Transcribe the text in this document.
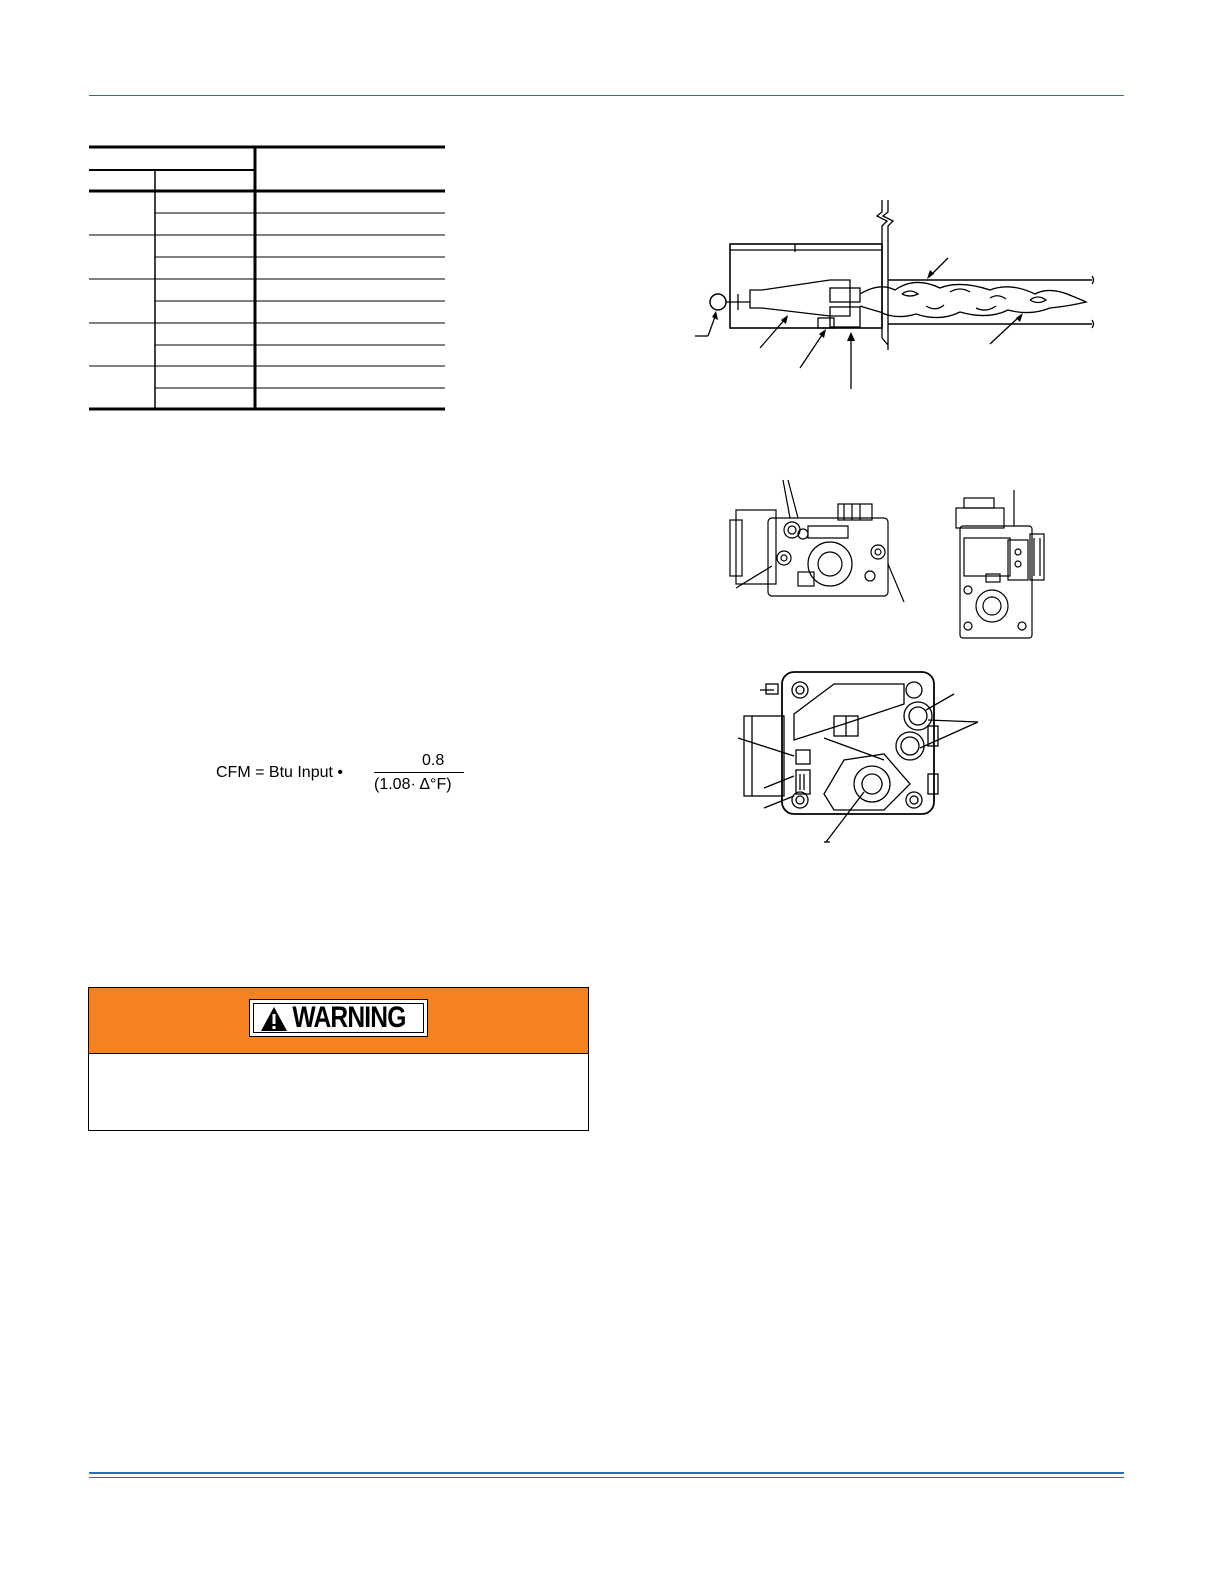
CFM = Btu Input •
0.8
(1.08· Δ°F)
WARNING
